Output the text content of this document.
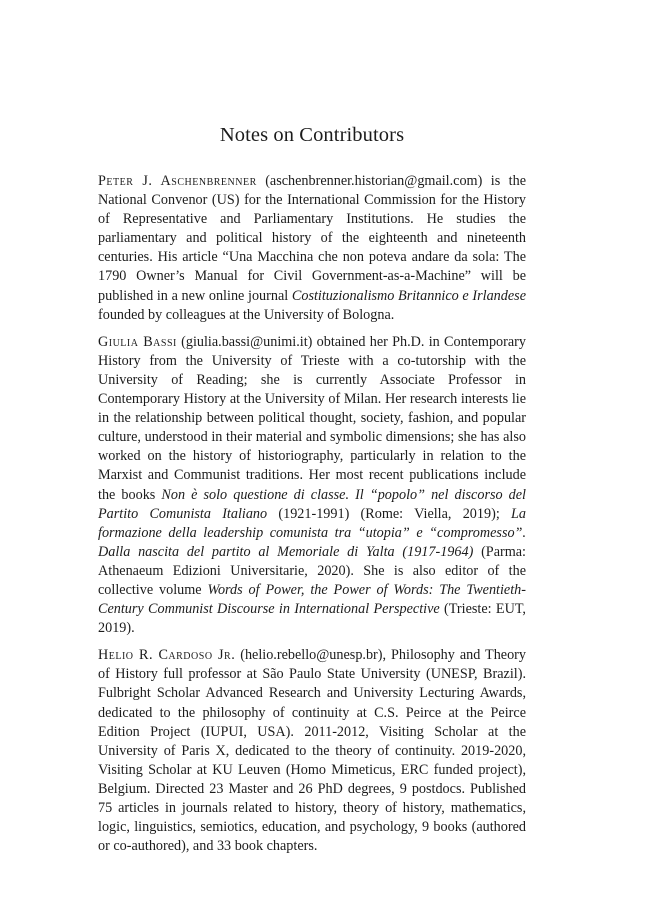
Notes on Contributors

Peter J. Aschenbrenner (aschenbrenner.historian@gmail.com) is the National Convenor (US) for the International Commission for the History of Representative and Parliamentary Institutions. He studies the parliamentary and political history of the eighteenth and nineteenth centuries. His article “Una Macchina che non poteva andare da sola: The 1790 Owner’s Manual for Civil Government-as-a-Machine” will be published in a new online journal Costituzionalismo Britannico e Irlandese founded by colleagues at the University of Bologna.

Giulia Bassi (giulia.bassi@unimi.it) obtained her Ph.D. in Contemporary History from the University of Trieste with a co-tutorship with the University of Reading; she is currently Associate Professor in Contemporary History at the University of Milan. Her research interests lie in the relationship between political thought, society, fashion, and popular culture, understood in their material and symbolic dimensions; she has also worked on the history of historiography, particularly in relation to the Marxist and Communist traditions. Her most recent publications include the books Non è solo questione di classe. Il “popolo” nel discorso del Partito Comunista Italiano (1921-1991) (Rome: Viella, 2019); La formazione della leadership comunista tra “utopia” e “compromesso”. Dalla nascita del partito al Memoriale di Yalta (1917-1964) (Parma: Athenaeum Edizioni Universitarie, 2020). She is also editor of the collective volume Words of Power, the Power of Words: The Twentieth-Century Communist Discourse in International Perspective (Trieste: EUT, 2019).

Helio R. Cardoso Jr. (helio.rebello@unesp.br), Philosophy and Theory of History full professor at São Paulo State University (UNESP, Brazil). Fulbright Scholar Advanced Research and University Lecturing Awards, dedicated to the philosophy of continuity at C.S. Peirce at the Peirce Edition Project (IUPUI, USA). 2011-2012, Visiting Scholar at the University of Paris X, dedicated to the theory of continuity. 2019-2020, Visiting Scholar at KU Leuven (Homo Mimeticus, ERC funded project), Belgium. Directed 23 Master and 26 PhD degrees, 9 postdocs. Published 75 articles in journals related to history, theory of history, mathematics, logic, linguistics, semiotics, education, and psychology, 9 books (authored or co-authored), and 33 book chapters.
